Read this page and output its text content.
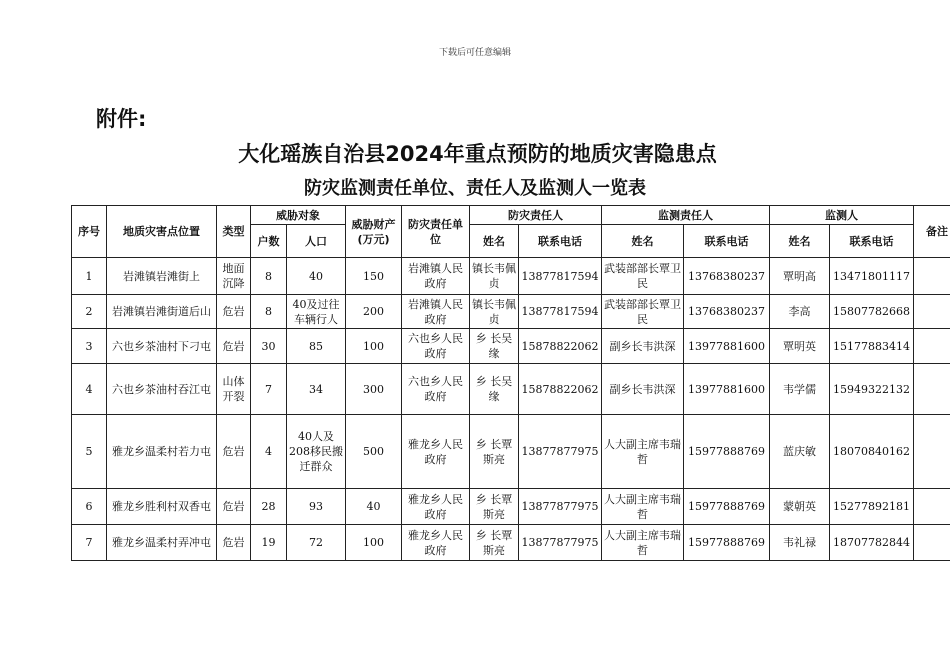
下载后可任意编辑
附件:
大化瑶族自治县2024年重点预防的地质灾害隐患点
防灾监测责任单位、责任人及监测人一览表
序号	地质灾害点位置	类型	威胁对象		威胁财产(万元)	防灾责任单位	防灾责任人		监测责任人		监测人		备注
			户数	人口			姓名	联系电话	姓名	联系电话	姓名	联系电话	
1	岩滩镇岩滩街上	地面沉降	8	40	150	岩滩镇人民政府	镇长韦佩贞	13877817594	武装部部长覃卫民	13768380237	覃明高	13471801117	
2	岩滩镇岩滩街道后山	危岩	8	40及过往车辆行人	200	岩滩镇人民政府	镇长韦佩贞	13877817594	武装部部长覃卫民	13768380237	李高	15807782668	
3	六也乡茶油村下刁屯	危岩	30	85	100	六也乡人民政府	乡 长吴 缘	15878822062	副乡长韦洪深	13977881600	覃明英	15177883414	
4	六也乡茶油村吞江屯	山体开裂	7	34	300	六也乡人民政府	乡 长吴 缘	15878822062	副乡长韦洪深	13977881600	韦学儒	15949322132	
5	雅龙乡温柔村若力屯	危岩	4	40人及208移民搬迁群众	500	雅龙乡人民政府	乡 长覃斯亮	13877877975	人大副主席韦瑞哲	15977888769	蓝庆敏	18070840162	
6	雅龙乡胜利村双香屯	危岩	28	93	40	雅龙乡人民政府	乡 长覃斯亮	13877877975	人大副主席韦瑞哲	15977888769	蒙朝英	15277892181	
7	雅龙乡温柔村弄冲屯	危岩	19	72	100	雅龙乡人民政府	乡 长覃斯亮	13877877975	人大副主席韦瑞哲	15977888769	韦礼禄	18707782844	
